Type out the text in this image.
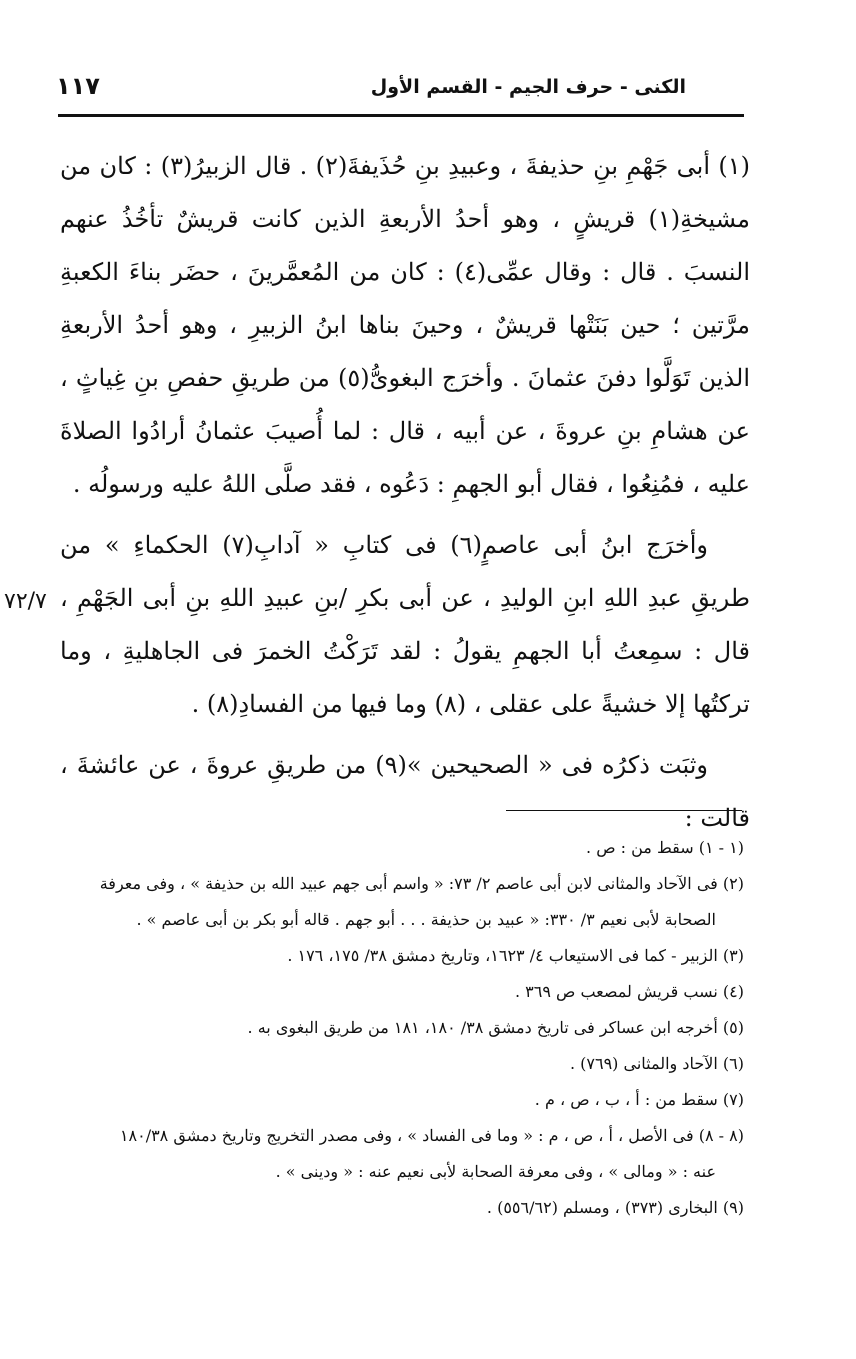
الكنى - حرف الجيم - القسم الأول
١١٧
٧٢/٧

(١) أبى جَهْمِ بنِ حذيفةَ ، وعبيدِ بنِ حُذَيفةَ(٢) . قال الزبيرُ(٣) : كان من مشيخةِ(١) قريشٍ ، وهو أحدُ الأربعةِ الذين كانت قريشٌ تأخُذُ عنهم النسبَ . قال : وقال عمِّى(٤) : كان من المُعمَّرينَ ، حضَر بناءَ الكعبةِ مرَّتين ؛ حين بَنَتْها قريشٌ ، وحينَ بناها ابنُ الزبيرِ ، وهو أحدُ الأربعةِ الذين تَوَلَّوا دفنَ عثمانَ . وأخرَج البغوىُّ(٥) من طريقِ حفصِ بنِ غِياثٍ ، عن هشامِ بنِ عروةَ ، عن أبيه ، قال : لما أُصيبَ عثمانُ أرادُوا الصلاةَ عليه ، فمُنِعُوا ، فقال أبو الجهمِ : دَعُوه ، فقد صلَّى اللهُ عليه ورسولُه .

وأخرَج ابنُ أبى عاصمٍ(٦) فى كتابِ « آدابِ(٧) الحكماءِ » من طريقِ عبدِ اللهِ ابنِ الوليدِ ، عن أبى بكرِ /بنِ عبيدِ اللهِ بنِ أبى الجَهْمِ ، قال : سمِعتُ أبا الجهمِ يقولُ : لقد تَرَكْتُ الخمرَ فى الجاهليةِ ، وما تركتُها إلا خشيةً على عقلى ، (٨) وما فيها من الفسادِ(٨) .

وثبَت ذكرُه فى « الصحيحين »(٩) من طريقِ عروةَ ، عن عائشةَ ، قالت :

(١ - ١) سقط من : ص .

(٢) فى الآحاد والمثانى لابن أبى عاصم ٢/ ٧٣: « واسم أبى جهم عبيد الله بن حذيفة » ، وفى معرفة

الصحابة لأبى نعيم ٣/ ٣٣٠: « عبيد بن حذيفة . . . أبو جهم . قاله أبو بكر بن أبى عاصم » .

(٣) الزبير - كما فى الاستيعاب ٤/ ١٦٢٣، وتاريخ دمشق ٣٨/ ١٧٥، ١٧٦ .

(٤) نسب قريش لمصعب ص ٣٦٩ .

(٥) أخرجه ابن عساكر فى تاريخ دمشق ٣٨/ ١٨٠، ١٨١ من طريق البغوى به .

(٦) الآحاد والمثانى (٧٦٩) .

(٧) سقط من : أ ، ب ، ص ، م .

(٨ - ٨) فى الأصل ، أ ، ص ، م : « وما فى الفساد » ، وفى مصدر التخريج وتاريخ دمشق ١٨٠/٣٨

عنه : « ومالى » ، وفى معرفة الصحابة لأبى نعيم عنه : « ودينى » .

(٩) البخارى (٣٧٣) ، ومسلم (٥٥٦/٦٢) .
